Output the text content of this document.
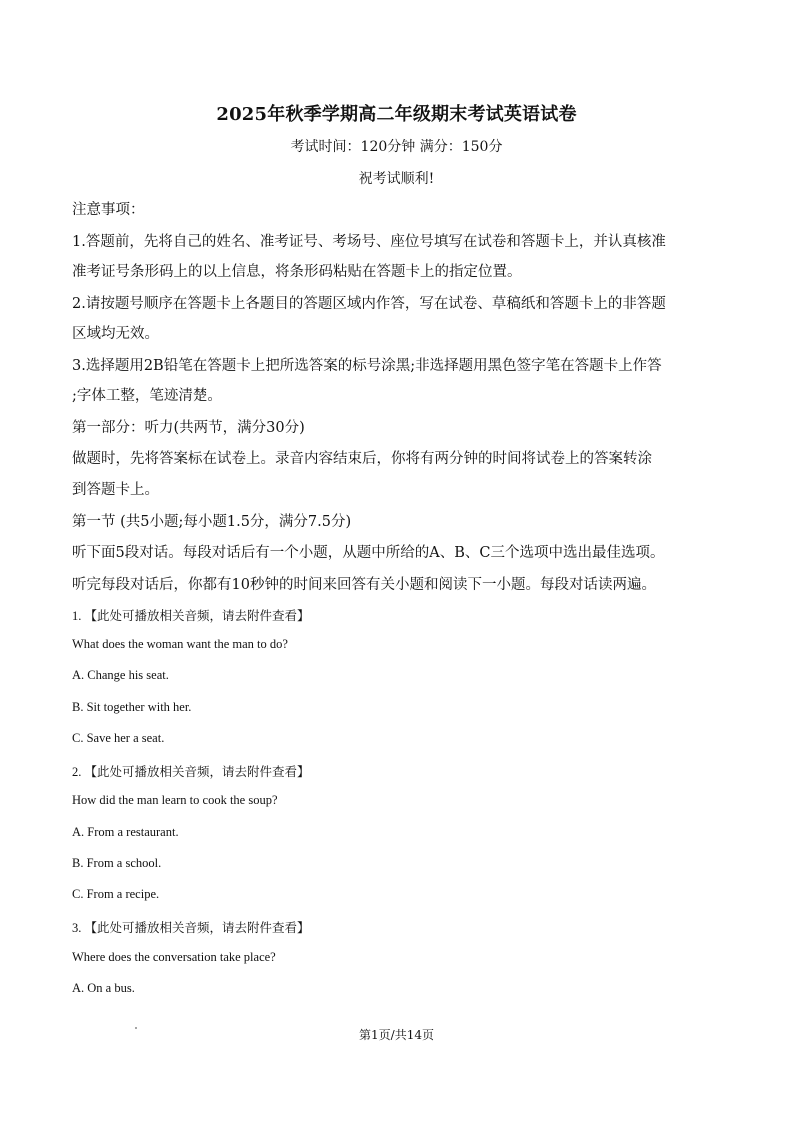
2025年秋季学期高二年级期末考试英语试卷
考试时间：120分钟 满分：150分
祝考试顺利!
注意事项：
1.答题前，先将自己的姓名、准考证号、考场号、座位号填写在试卷和答题卡上，并认真核准
准考证号条形码上的以上信息，将条形码粘贴在答题卡上的指定位置。
2.请按题号顺序在答题卡上各题目的答题区域内作答，写在试卷、草稿纸和答题卡上的非答题
区域均无效。
3.选择题用2B铅笔在答题卡上把所选答案的标号涂黑;非选择题用黑色签字笔在答题卡上作答
;字体工整，笔迹清楚。
第一部分：听力(共两节，满分30分)
做题时，先将答案标在试卷上。录音内容结束后，你将有两分钟的时间将试卷上的答案转涂
到答题卡上。
第一节 (共5小题;每小题1.5分，满分7.5分)
听下面5段对话。每段对话后有一个小题，从题中所给的A、B、C三个选项中选出最佳选项。
听完每段对话后，你都有10秒钟的时间来回答有关小题和阅读下一小题。每段对话读两遍。
1. 【此处可播放相关音频，请去附件查看】
What does the woman want the man to do?
A. Change his seat.
B. Sit together with her.
C. Save her a seat.
2. 【此处可播放相关音频，请去附件查看】
How did the man learn to cook the soup?
A. From a restaurant.
B. From a school.
C. From a recipe.
3. 【此处可播放相关音频，请去附件查看】
Where does the conversation take place?
A. On a bus.
第1页/共14页
